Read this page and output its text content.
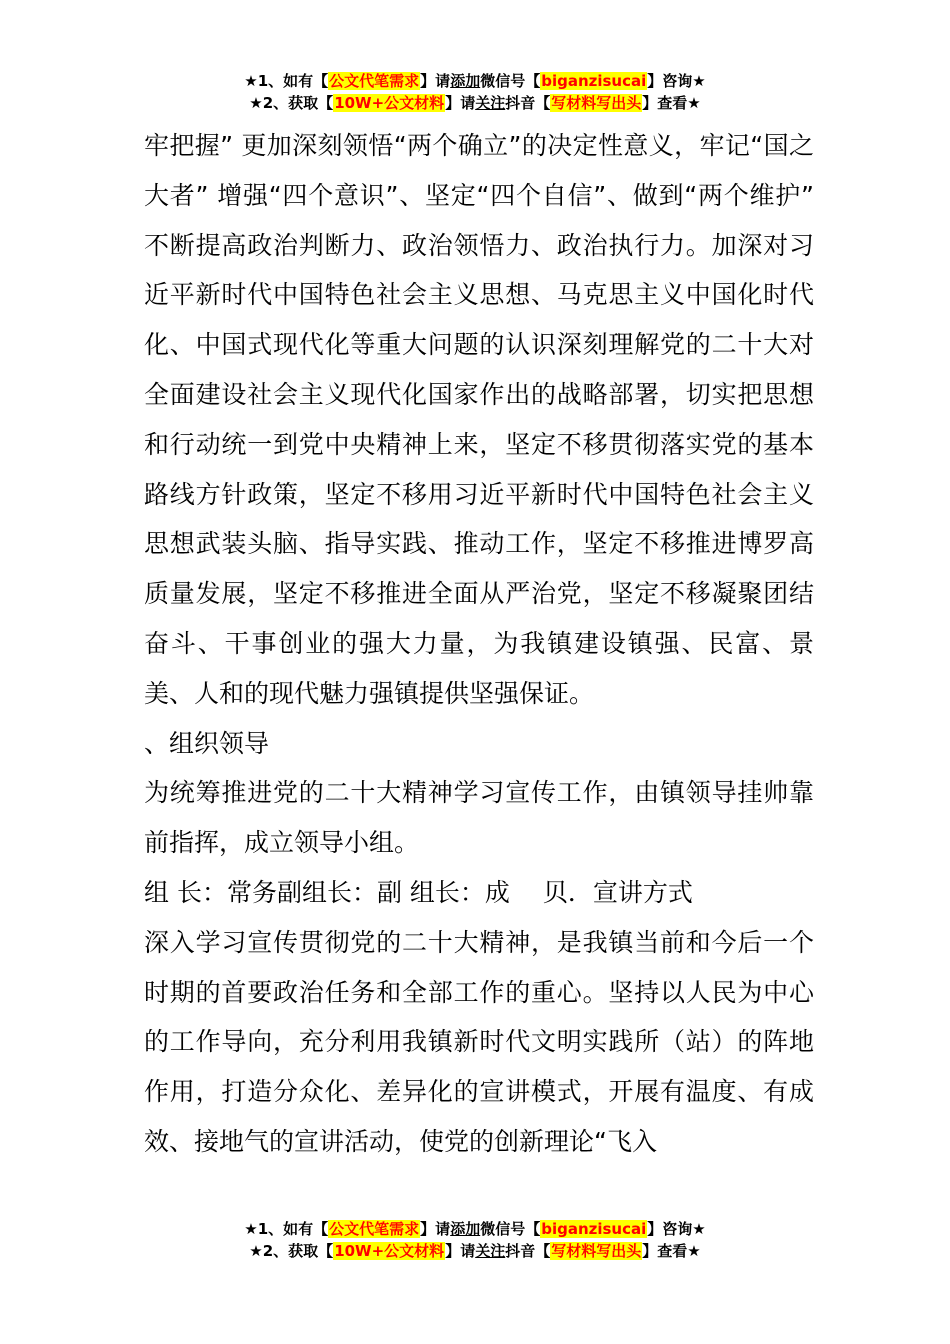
★1、如有【公文代笔需求】请添加微信号【biganzisucai】咨询★
★2、获取【10W+公文材料】请关注抖音【写材料写出头】查看★

牢把握” 更加深刻领悟“两个确立”的决定性意义，牢记“国之大者” 增强“四个意识”、坚定“四个自信”、做到“两个维护” 不断提高政治判断力、政治领悟力、政治执行力。加深对习近平新时代中国特色社会主义思想、马克思主义中国化时代化、中国式现代化等重大问题的认识深刻理解党的二十大对全面建设社会主义现代化国家作出的战略部署，切实把思想和行动统一到党中央精神上来，坚定不移贯彻落实党的基本路线方针政策，坚定不移用习近平新时代中国特色社会主义思想武装头脑、指导实践、推动工作，坚定不移推进博罗高质量发展，坚定不移推进全面从严治党，坚定不移凝聚团结奋斗、干事创业的强大力量，为我镇建设镇强、民富、景美、人和的现代魅力强镇提供坚强保证。

、组织领导

为统筹推进党的二十大精神学习宣传工作，由镇领导挂帅靠前指挥，成立领导小组。

组 长：常务副组长：副 组长：成　 贝．宣讲方式

深入学习宣传贯彻党的二十大精神，是我镇当前和今后一个时期的首要政治任务和全部工作的重心。坚持以人民为中心的工作导向，充分利用我镇新时代文明实践所（站）的阵地作用，打造分众化、差异化的宣讲模式，开展有温度、有成效、接地气的宣讲活动，使党的创新理论“飞入

★1、如有【公文代笔需求】请添加微信号【biganzisucai】咨询★
★2、获取【10W+公文材料】请关注抖音【写材料写出头】查看★
